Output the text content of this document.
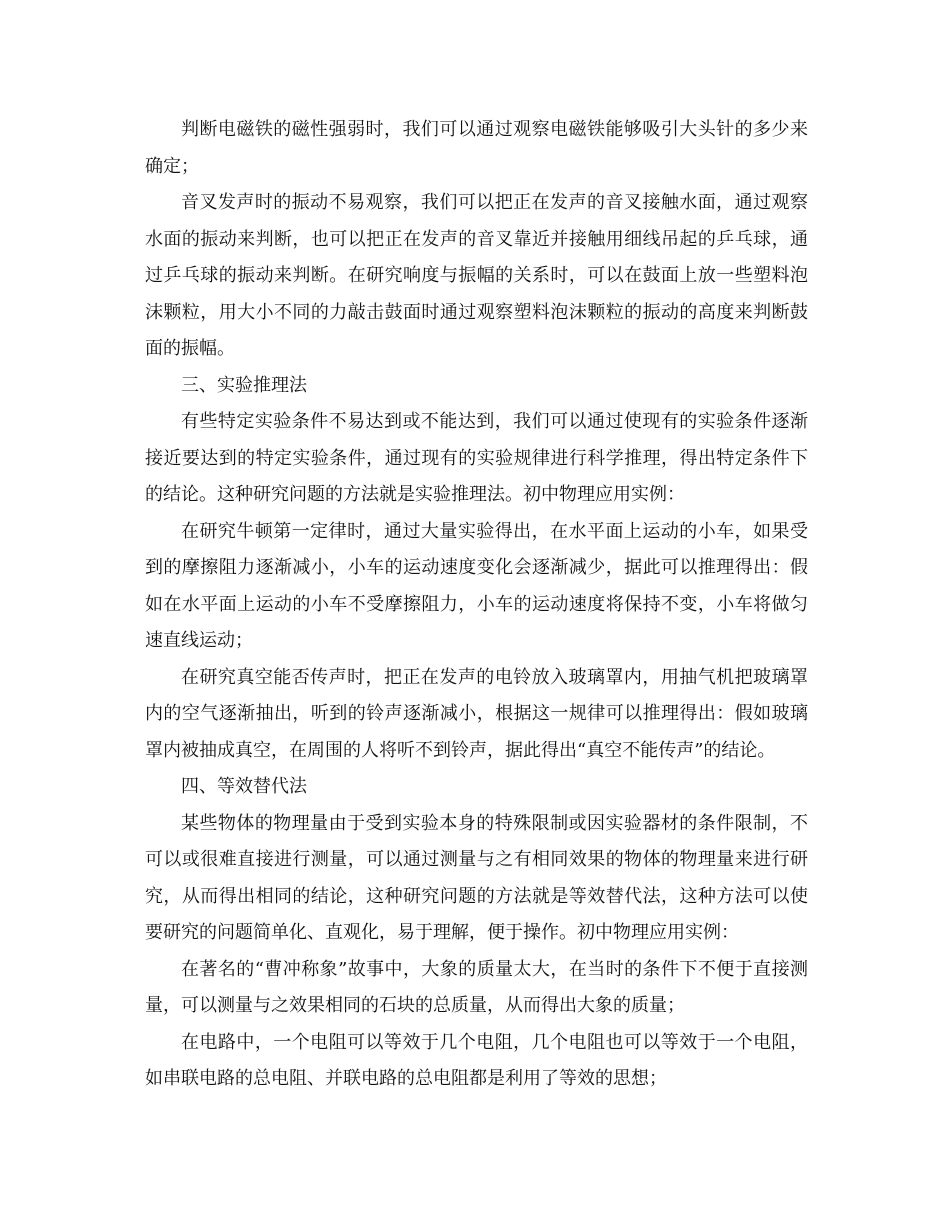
判断电磁铁的磁性强弱时，我们可以通过观察电磁铁能够吸引大头针的多少来确定；

音叉发声时的振动不易观察，我们可以把正在发声的音叉接触水面，通过观察水面的振动来判断，也可以把正在发声的音叉靠近并接触用细线吊起的乒乓球，通过乒乓球的振动来判断。在研究响度与振幅的关系时，可以在鼓面上放一些塑料泡沫颗粒，用大小不同的力敲击鼓面时通过观察塑料泡沫颗粒的振动的高度来判断鼓面的振幅。

三、实验推理法

有些特定实验条件不易达到或不能达到，我们可以通过使现有的实验条件逐渐接近要达到的特定实验条件，通过现有的实验规律进行科学推理，得出特定条件下的结论。这种研究问题的方法就是实验推理法。初中物理应用实例：

在研究牛顿第一定律时，通过大量实验得出，在水平面上运动的小车，如果受到的摩擦阻力逐渐减小，小车的运动速度变化会逐渐减少，据此可以推理得出：假如在水平面上运动的小车不受摩擦阻力，小车的运动速度将保持不变，小车将做匀速直线运动；

在研究真空能否传声时，把正在发声的电铃放入玻璃罩内，用抽气机把玻璃罩内的空气逐渐抽出，听到的铃声逐渐减小，根据这一规律可以推理得出：假如玻璃罩内被抽成真空，在周围的人将听不到铃声，据此得出“真空不能传声”的结论。

四、等效替代法

某些物体的物理量由于受到实验本身的特殊限制或因实验器材的条件限制，不可以或很难直接进行测量，可以通过测量与之有相同效果的物体的物理量来进行研究，从而得出相同的结论，这种研究问题的方法就是等效替代法，这种方法可以使要研究的问题简单化、直观化，易于理解，便于操作。初中物理应用实例：

在著名的“曹冲称象”故事中，大象的质量太大，在当时的条件下不便于直接测量，可以测量与之效果相同的石块的总质量，从而得出大象的质量；

在电路中，一个电阻可以等效于几个电阻，几个电阻也可以等效于一个电阻，如串联电路的总电阻、并联电路的总电阻都是利用了等效的思想；
